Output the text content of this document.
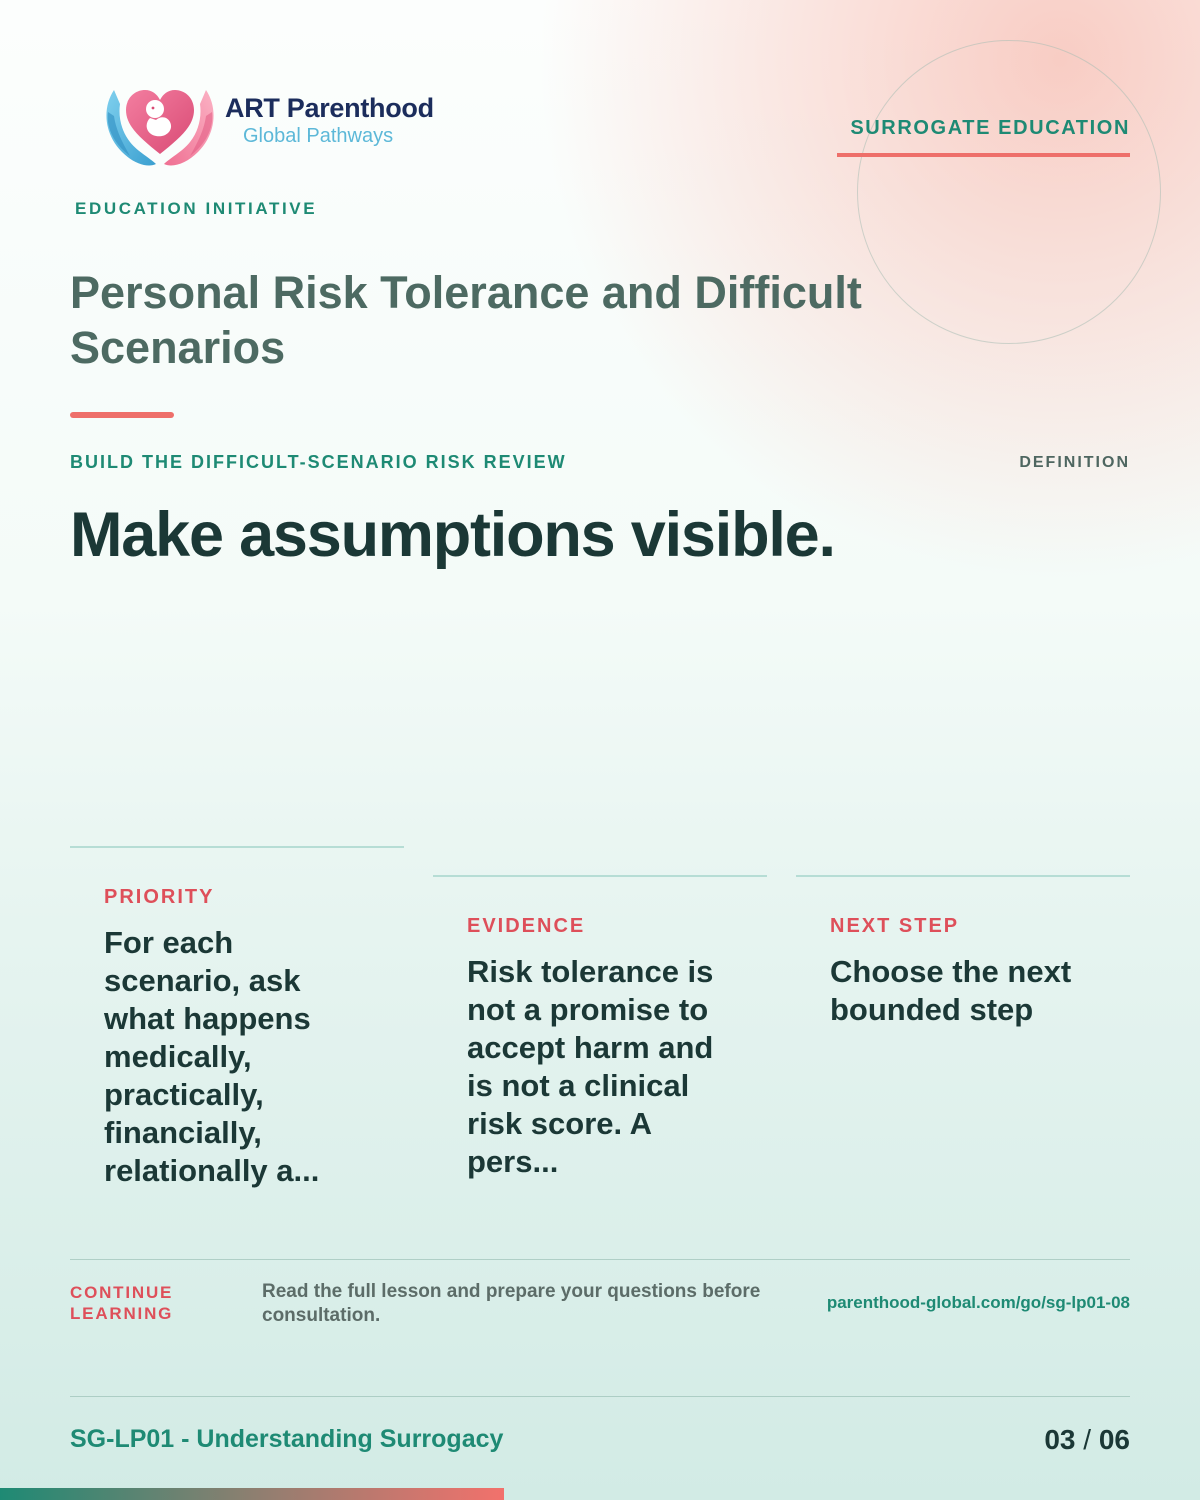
ART Parenthood
Global Pathways
EDUCATION INITIATIVE
SURROGATE EDUCATION
Personal Risk Tolerance and Difficult Scenarios
BUILD THE DIFFICULT-SCENARIO RISK REVIEW	DEFINITION
Make assumptions visible.
PRIORITY
For each scenario, ask what happens medically, practically, financially, relationally a...
EVIDENCE
Risk tolerance is not a promise to accept harm and is not a clinical risk score. A pers...
NEXT STEP
Choose the next bounded step
CONTINUE LEARNING
Read the full lesson and prepare your questions before consultation.
parenthood-global.com/go/sg-lp01-08
SG-LP01 - Understanding Surrogacy	03 / 06
